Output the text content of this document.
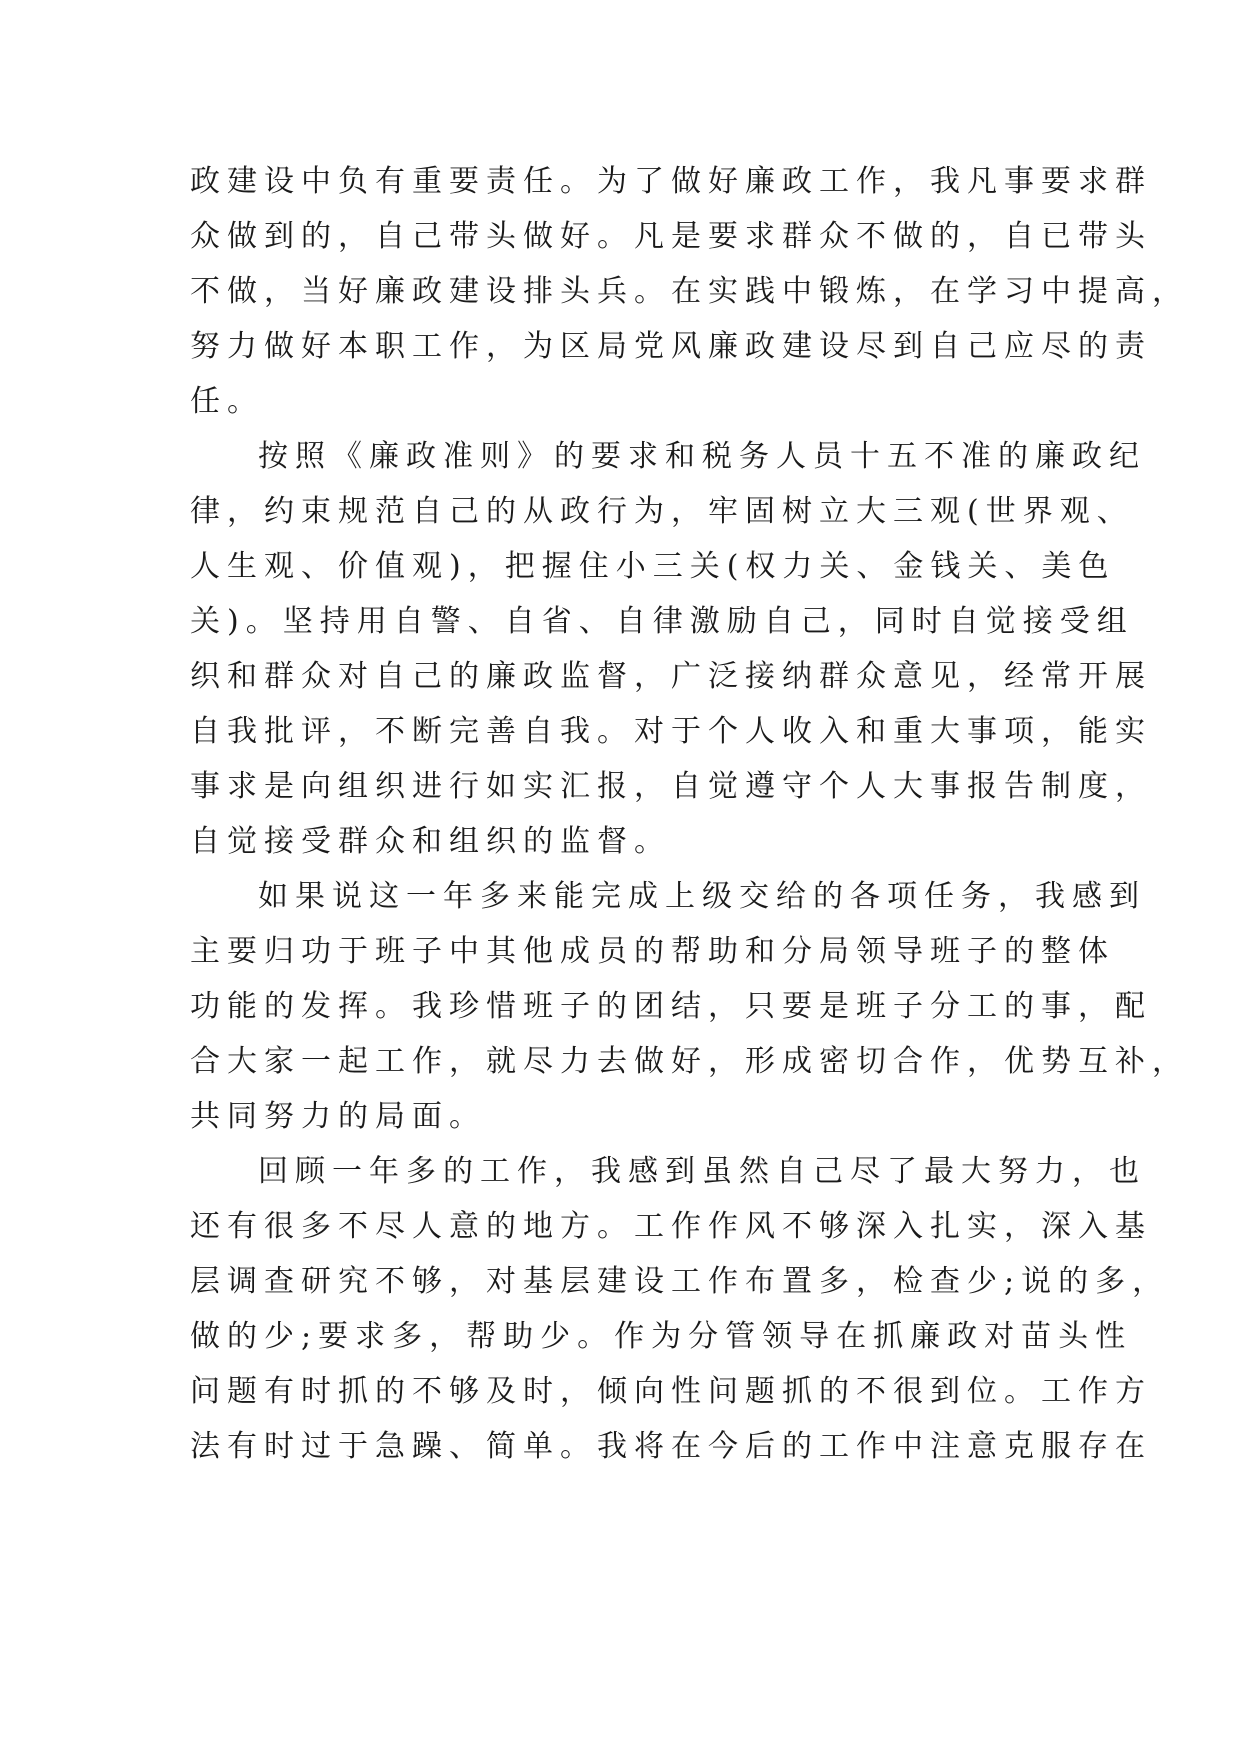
政建设中负有重要责任。为了做好廉政工作，我凡事要求群
众做到的，自己带头做好。凡是要求群众不做的，自已带头
不做，当好廉政建设排头兵。在实践中锻炼，在学习中提高，
努力做好本职工作，为区局党风廉政建设尽到自己应尽的责
任。
按照《廉政准则》的要求和税务人员十五不准的廉政纪
律，约束规范自己的从政行为，牢固树立大三观(世界观、
人生观、价值观)，把握住小三关(权力关、金钱关、美色
关)。坚持用自警、自省、自律激励自己，同时自觉接受组
织和群众对自己的廉政监督，广泛接纳群众意见，经常开展
自我批评，不断完善自我。对于个人收入和重大事项，能实
事求是向组织进行如实汇报，自觉遵守个人大事报告制度，
自觉接受群众和组织的监督。
如果说这一年多来能完成上级交给的各项任务，我感到
主要归功于班子中其他成员的帮助和分局领导班子的整体
功能的发挥。我珍惜班子的团结，只要是班子分工的事，配
合大家一起工作，就尽力去做好，形成密切合作，优势互补，
共同努力的局面。
回顾一年多的工作，我感到虽然自己尽了最大努力，也
还有很多不尽人意的地方。工作作风不够深入扎实，深入基
层调查研究不够，对基层建设工作布置多，检查少;说的多，
做的少;要求多，帮助少。作为分管领导在抓廉政对苗头性
问题有时抓的不够及时，倾向性问题抓的不很到位。工作方
法有时过于急躁、简单。我将在今后的工作中注意克服存在
